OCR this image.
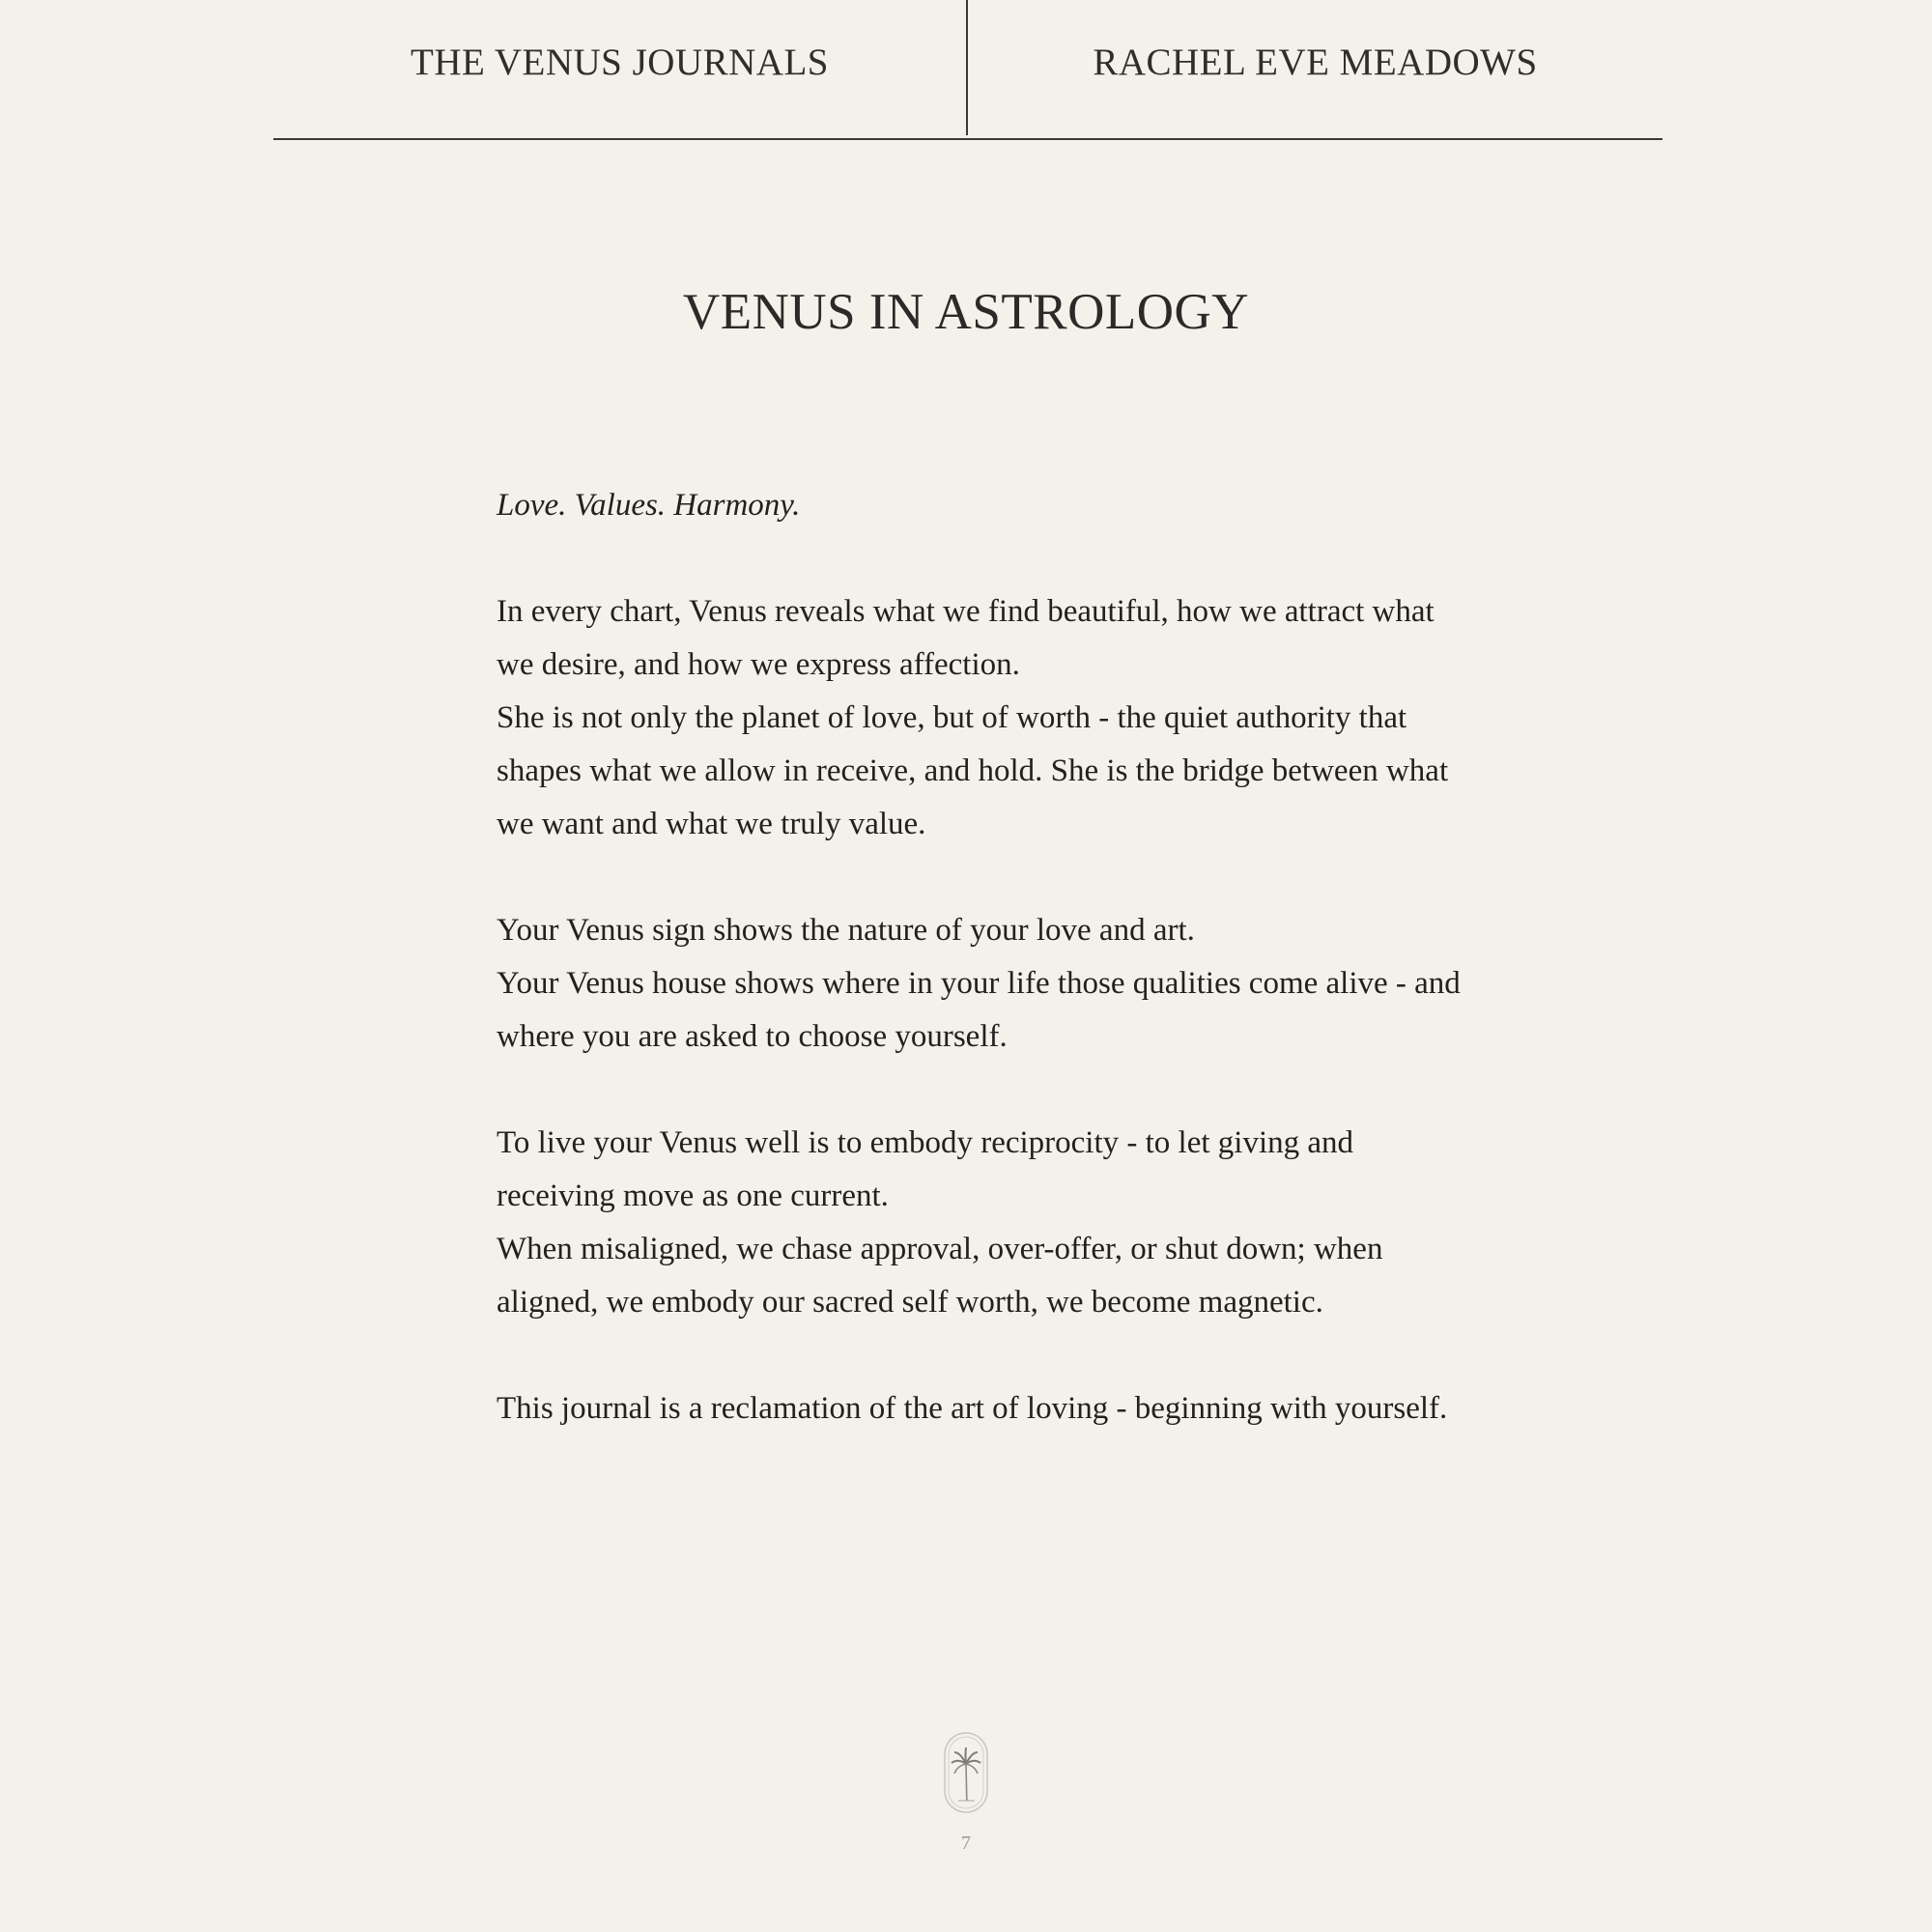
THE VENUS JOURNALS	RACHEL EVE MEADOWS
VENUS IN ASTROLOGY

Love. Values. Harmony.

In every chart, Venus reveals what we find beautiful, how we attract what we desire, and how we express affection.

She is not only the planet of love, but of worth - the quiet authority that shapes what we allow in receive, and hold. She is the bridge between what we want and what we truly value.

Your Venus sign shows the nature of your love and art.

Your Venus house shows where in your life those qualities come alive - and where you are asked to choose yourself.

To live your Venus well is to embody reciprocity - to let giving and receiving move as one current.

When misaligned, we chase approval, over-offer, or shut down; when aligned, we embody our sacred self worth, we become magnetic.

This journal is a reclamation of the art of loving - beginning with yourself.

7
